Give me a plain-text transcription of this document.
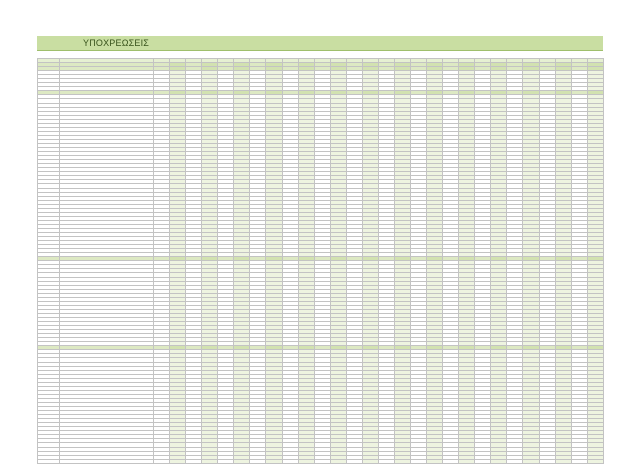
ΥΠΟΧΡΕΩΣΕΙΣ
